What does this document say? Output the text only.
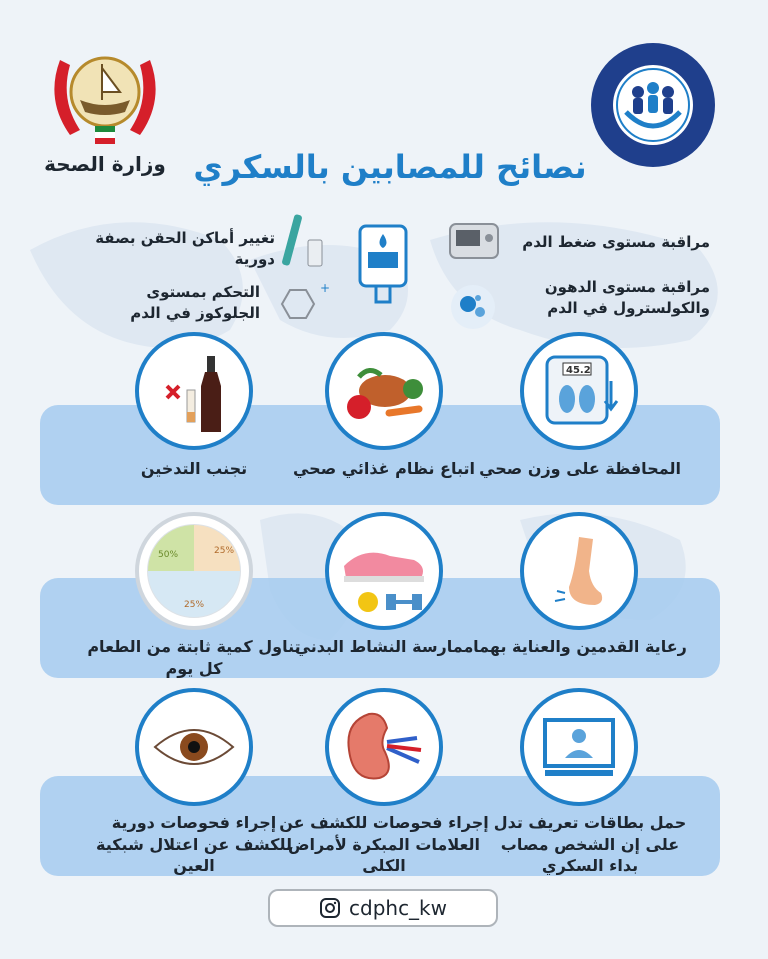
وزارة الصحة نصائح للمصابين بالسكري
مراقبة مستوى ضغط الدم
مراقبة مستوى الدهون
والكولسترول في الدم
تغيير أماكن الحقن بصفة
دورية
التحكم بمستوى
الجلوكوز في الدم
+
45.2
المحافظة على وزن صحي
اتباع نظام غذائي صحي
تجنب التدخين
50%	25%
25%
رعاية القدمين والعناية بهما
ممارسة النشاط البدني
تناول كمية ثابتة من الطعام
كل يوم
حمل بطاقات تعريف تدل
على إن الشخص مصاب
بداء السكري
إجراء فحوصات للكشف عن
العلامات المبكرة لأمراض
الكلى
إجراء فحوصات دورية
للكشف عن اعتلال شبكية
العين
cdphc_kw
